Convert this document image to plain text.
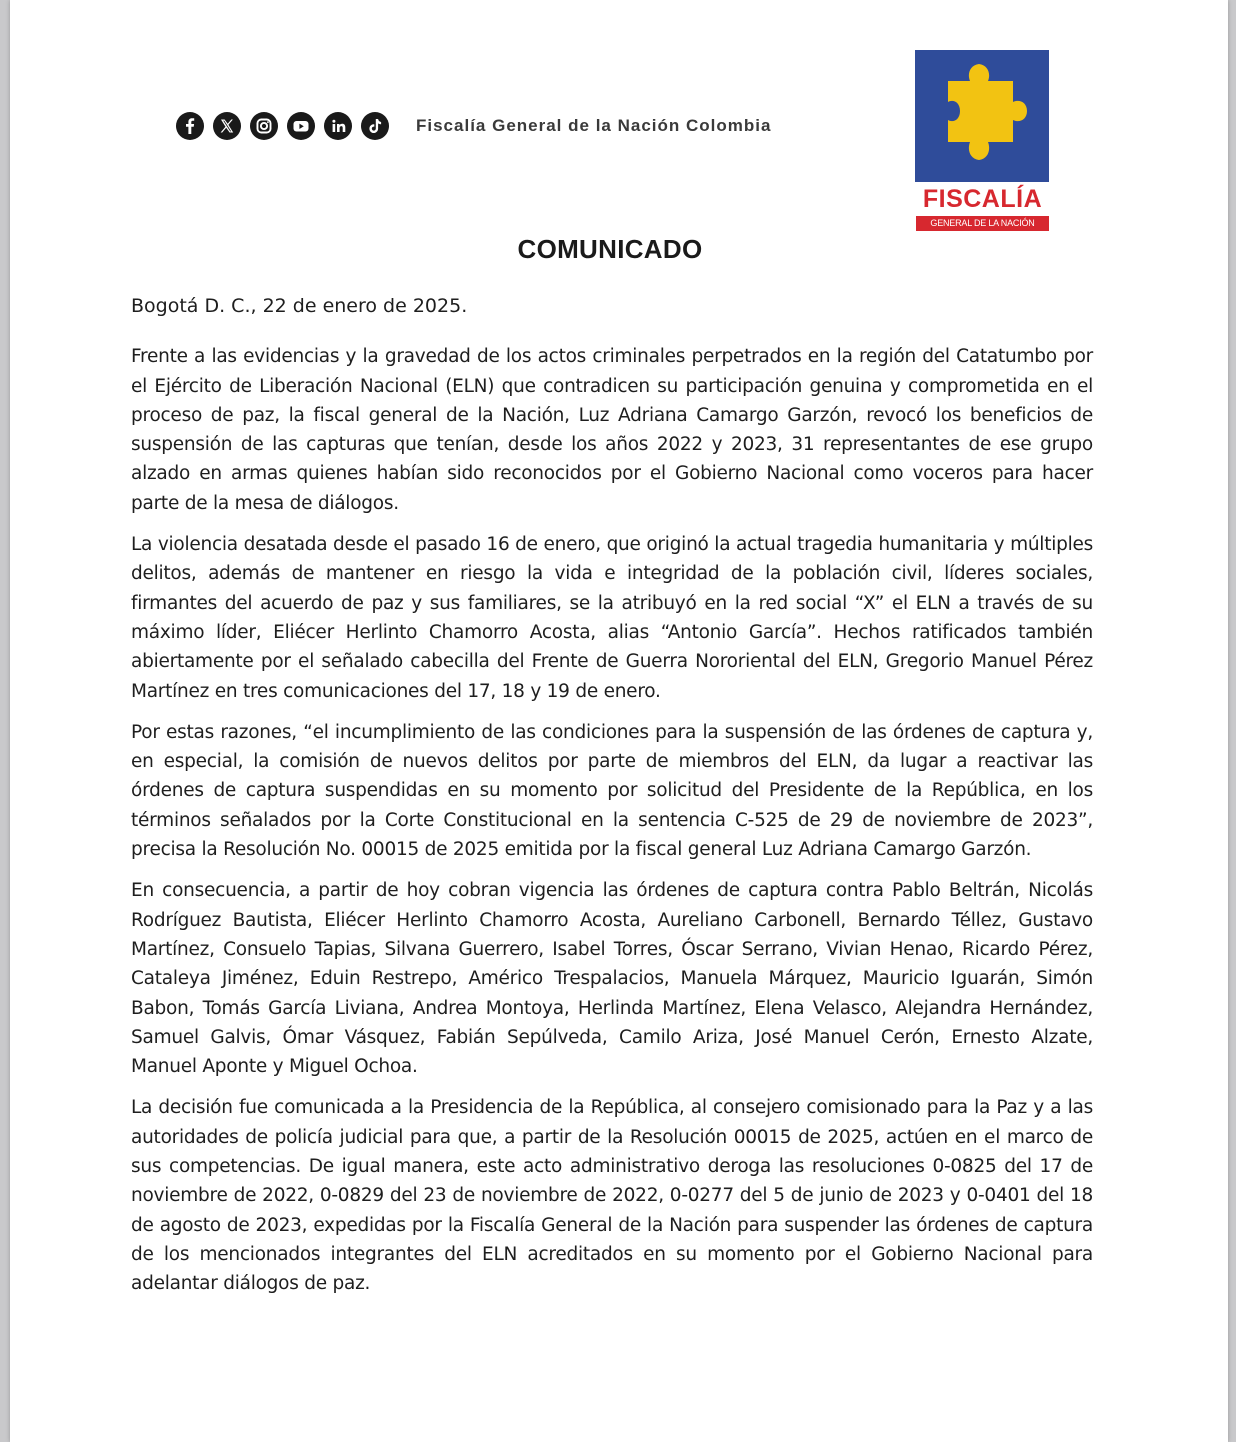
Fiscalía General de la Nación Colombia
FISCALÍA
GENERAL DE LA NACIÓN
COMUNICADO

Bogotá D. C., 22 de enero de 2025.

Frente a las evidencias y la gravedad de los actos criminales perpetrados en la región del Catatumbo por el Ejército de Liberación Nacional (ELN) que contradicen su participación genuina y comprometida en el proceso de paz, la fiscal general de la Nación, Luz Adriana Camargo Garzón, revocó los beneficios de suspensión de las capturas que tenían, desde los años 2022 y 2023, 31 representantes de ese grupo alzado en armas quienes habían sido reconocidos por el Gobierno Nacional como voceros para hacer parte de la mesa de diálogos.

La violencia desatada desde el pasado 16 de enero, que originó la actual tragedia humanitaria y múltiples delitos, además de mantener en riesgo la vida e integridad de la población civil, líderes sociales, firmantes del acuerdo de paz y sus familiares, se la atribuyó en la red social “X” el ELN a través de su máximo líder, Eliécer Herlinto Chamorro Acosta, alias “Antonio García”. Hechos ratificados también abiertamente por el señalado cabecilla del Frente de Guerra Nororiental del ELN, Gregorio Manuel Pérez Martínez en tres comunicaciones del 17, 18 y 19 de enero.

Por estas razones, “el incumplimiento de las condiciones para la suspensión de las órdenes de captura y, en especial, la comisión de nuevos delitos por parte de miembros del ELN, da lugar a reactivar las órdenes de captura suspendidas en su momento por solicitud del Presidente de la República, en los términos señalados por la Corte Constitucional en la sentencia C-525 de 29 de noviembre de 2023”, precisa la Resolución No. 00015 de 2025 emitida por la fiscal general Luz Adriana Camargo Garzón.

En consecuencia, a partir de hoy cobran vigencia las órdenes de captura contra Pablo Beltrán, Nicolás Rodríguez Bautista, Eliécer Herlinto Chamorro Acosta, Aureliano Carbonell, Bernardo Téllez, Gustavo Martínez, Consuelo Tapias, Silvana Guerrero, Isabel Torres, Óscar Serrano, Vivian Henao, Ricardo Pérez, Cataleya Jiménez, Eduin Restrepo, Américo Trespalacios, Manuela Márquez, Mauricio Iguarán, Simón Babon, Tomás García Liviana, Andrea Montoya, Herlinda Martínez, Elena Velasco, Alejandra Hernández, Samuel Galvis, Ómar Vásquez, Fabián Sepúlveda, Camilo Ariza, José Manuel Cerón, Ernesto Alzate, Manuel Aponte y Miguel Ochoa.

La decisión fue comunicada a la Presidencia de la República, al consejero comisionado para la Paz y a las autoridades de policía judicial para que, a partir de la Resolución 00015 de 2025, actúen en el marco de sus competencias. De igual manera, este acto administrativo deroga las resoluciones 0-0825 del 17 de noviembre de 2022, 0-0829 del 23 de noviembre de 2022, 0-0277 del 5 de junio de 2023 y 0-0401 del 18 de agosto de 2023, expedidas por la Fiscalía General de la Nación para suspender las órdenes de captura de los mencionados integrantes del ELN acreditados en su momento por el Gobierno Nacional para adelantar diálogos de paz.
